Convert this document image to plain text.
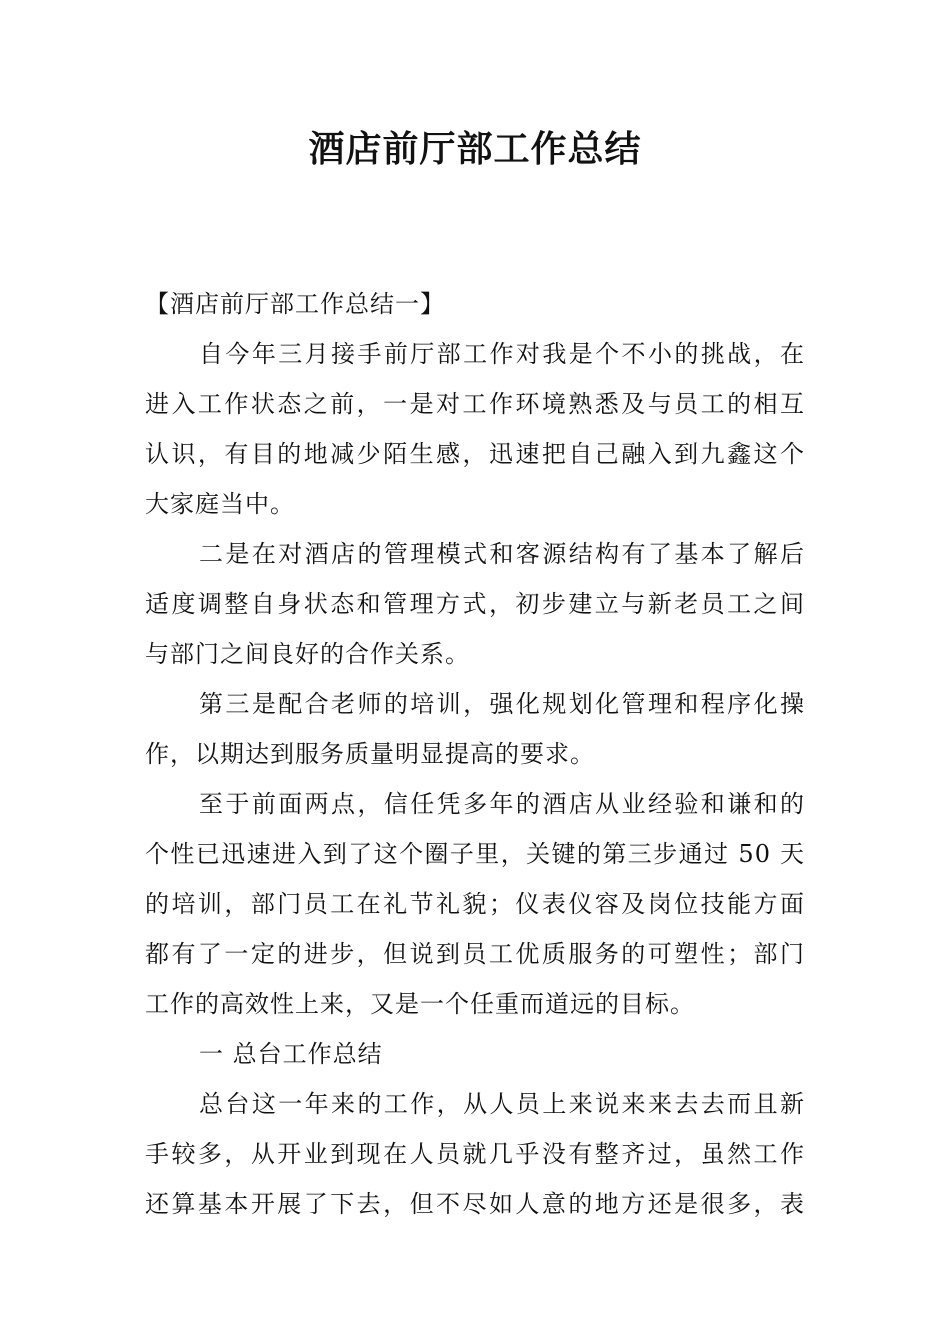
酒店前厅部工作总结
【酒店前厅部工作总结一】
自今年三月接手前厅部工作对我是个不小的挑战，在
进入工作状态之前，一是对工作环境熟悉及与员工的相互
认识，有目的地减少陌生感，迅速把自己融入到九鑫这个
大家庭当中。
二是在对酒店的管理模式和客源结构有了基本了解后
适度调整自身状态和管理方式，初步建立与新老员工之间
与部门之间良好的合作关系。
第三是配合老师的培训，强化规划化管理和程序化操
作，以期达到服务质量明显提高的要求。
至于前面两点，信任凭多年的酒店从业经验和谦和的
个性已迅速进入到了这个圈子里，关键的第三步通过 50 天
的培训，部门员工在礼节礼貌；仪表仪容及岗位技能方面
都有了一定的进步，但说到员工优质服务的可塑性；部门
工作的高效性上来，又是一个任重而道远的目标。
一 总台工作总结
总台这一年来的工作，从人员上来说来来去去而且新
手较多，从开业到现在人员就几乎没有整齐过，虽然工作
还算基本开展了下去，但不尽如人意的地方还是很多，表
